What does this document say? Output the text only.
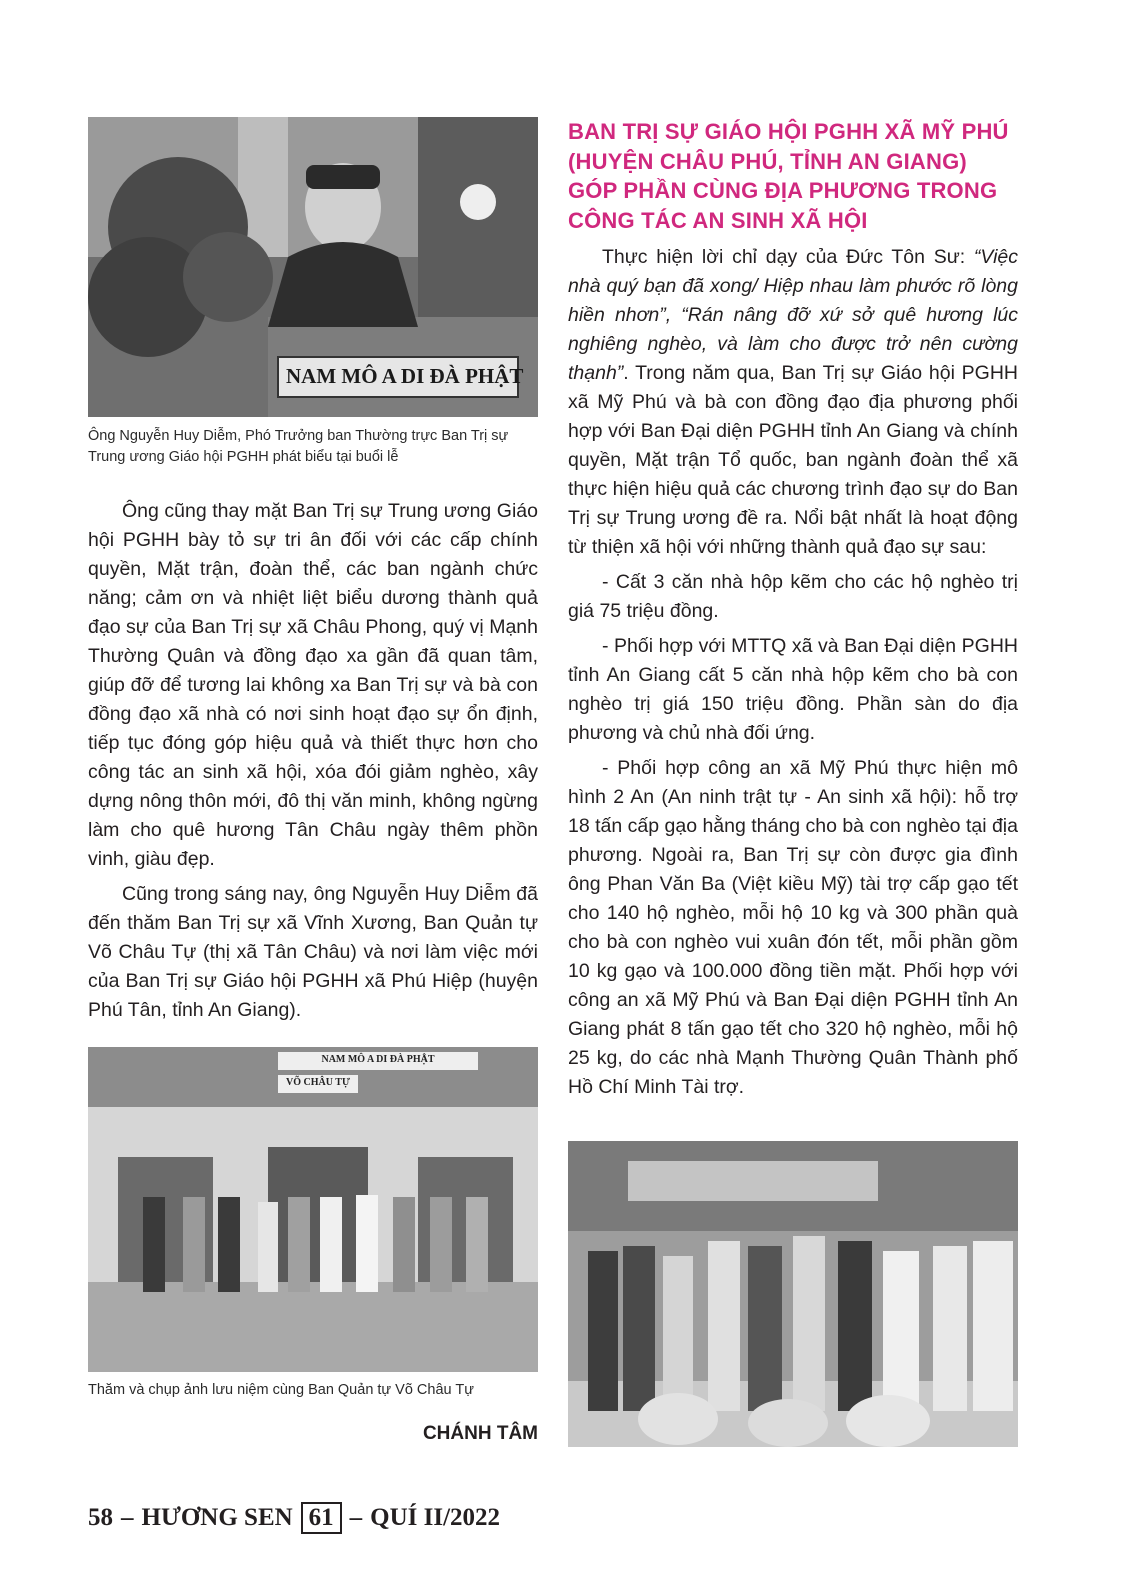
NAM MÔ A DI ĐÀ PHẬT
Ông Nguyễn Huy Diễm, Phó Trưởng ban Thường trực Ban Trị sự
Trung ương Giáo hội PGHH phát biểu tại buổi lễ

Ông cũng thay mặt Ban Trị sự Trung ương Giáo hội PGHH bày tỏ sự tri ân đối với các cấp chính quyền, Mặt trận, đoàn thể, các ban ngành chức năng; cảm ơn và nhiệt liệt biểu dương thành quả đạo sự của Ban Trị sự xã Châu Phong, quý vị Mạnh Thường Quân và đồng đạo xa gần đã quan tâm, giúp đỡ để tương lai không xa Ban Trị sự và bà con đồng đạo xã nhà có nơi sinh hoạt đạo sự ổn định, tiếp tục đóng góp hiệu quả và thiết thực hơn cho công tác an sinh xã hội, xóa đói giảm nghèo, xây dựng nông thôn mới, đô thị văn minh, không ngừng làm cho quê hương Tân Châu ngày thêm phồn vinh, giàu đẹp.

Cũng trong sáng nay, ông Nguyễn Huy Diễm đã đến thăm Ban Trị sự xã Vĩnh Xương, Ban Quản tự Võ Châu Tự (thị xã Tân Châu) và nơi làm việc mới của Ban Trị sự Giáo hội PGHH xã Phú Hiệp (huyện Phú Tân, tỉnh An Giang).

NAM MÔ A DI ĐÀ PHẬT
VÕ CHÂU TỰ
Thăm và chụp ảnh lưu niệm cùng Ban Quản tự Võ Châu Tự
CHÁNH TÂM
BAN TRỊ SỰ GIÁO HỘI PGHH XÃ MỸ PHÚ
(HUYỆN CHÂU PHÚ, TỈNH AN GIANG)
GÓP PHẦN CÙNG ĐỊA PHƯƠNG TRONG
CÔNG TÁC AN SINH XÃ HỘI

Thực hiện lời chỉ dạy của Đức Tôn Sư: “Việc nhà quý bạn đã xong/ Hiệp nhau làm phước rõ lòng hiền nhơn”, “Rán nâng đỡ xứ sở quê hương lúc nghiêng nghèo, và làm cho được trở nên cường thạnh”. Trong năm qua, Ban Trị sự Giáo hội PGHH xã Mỹ Phú và bà con đồng đạo địa phương phối hợp với Ban Đại diện PGHH tỉnh An Giang và chính quyền, Mặt trận Tổ quốc, ban ngành đoàn thể xã thực hiện hiệu quả các chương trình đạo sự do Ban Trị sự Trung ương đề ra. Nổi bật nhất là hoạt động từ thiện xã hội với những thành quả đạo sự sau:

- Cất 3 căn nhà hộp kẽm cho các hộ nghèo trị giá 75 triệu đồng.

- Phối hợp với MTTQ xã và Ban Đại diện PGHH tỉnh An Giang cất 5 căn nhà hộp kẽm cho bà con nghèo trị giá 150 triệu đồng. Phần sàn do địa phương và chủ nhà đối ứng.

- Phối hợp công an xã Mỹ Phú thực hiện mô hình 2 An (An ninh trật tự - An sinh xã hội): hỗ trợ 18 tấn cấp gạo hằng tháng cho bà con nghèo tại địa phương. Ngoài ra, Ban Trị sự còn được gia đình ông Phan Văn Ba (Việt kiều Mỹ) tài trợ cấp gạo tết cho 140 hộ nghèo, mỗi hộ 10 kg và 300 phần quà cho bà con nghèo vui xuân đón tết, mỗi phần gồm 10 kg gạo và 100.000 đồng tiền mặt. Phối hợp với công an xã Mỹ Phú và Ban Đại diện PGHH tỉnh An Giang phát 8 tấn gạo tết cho 320 hộ nghèo, mỗi hộ 25 kg, do các nhà Mạnh Thường Quân Thành phố Hồ Chí Minh Tài trợ.

58 – HƯƠNG SEN 61 – QUÍ II/2022
